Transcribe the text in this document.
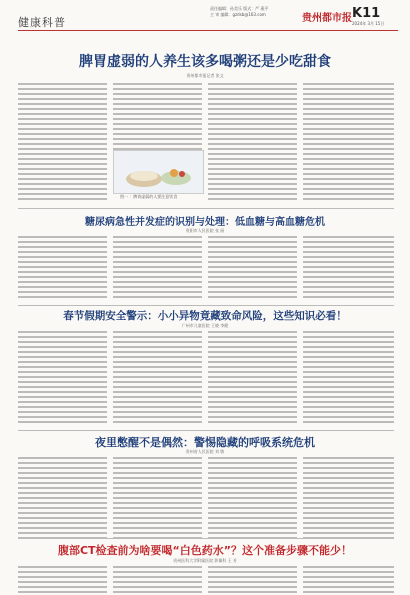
健康科普
责任编辑：孙美乐 版式：严 燕平
主 审 编辑：gzdsb@163.com	贵州都市报 K11
2024年 3月 15日
脾胃虚弱的人养生该多喝粥还是少吃甜食
贵州都市报记者 张文
图一 ：脾胃虚弱的人要注意饮食
糖尿病急性并发症的识别与处理：低血糖与高血糖危机
贵阳市人民医院 张 丽
春节假期安全警示：小小异物竟藏致命风险，这些知识必看！
广州市儿童医院 王晓 李健
夜里憋醒不是偶然：警惕隐藏的呼吸系统危机
贵州省人民医院 刘 敏
腹部CT检查前为啥要喝“白色药水”？这个准备步骤不能少！
贵州医科大学附属医院 影像科 王 芳
